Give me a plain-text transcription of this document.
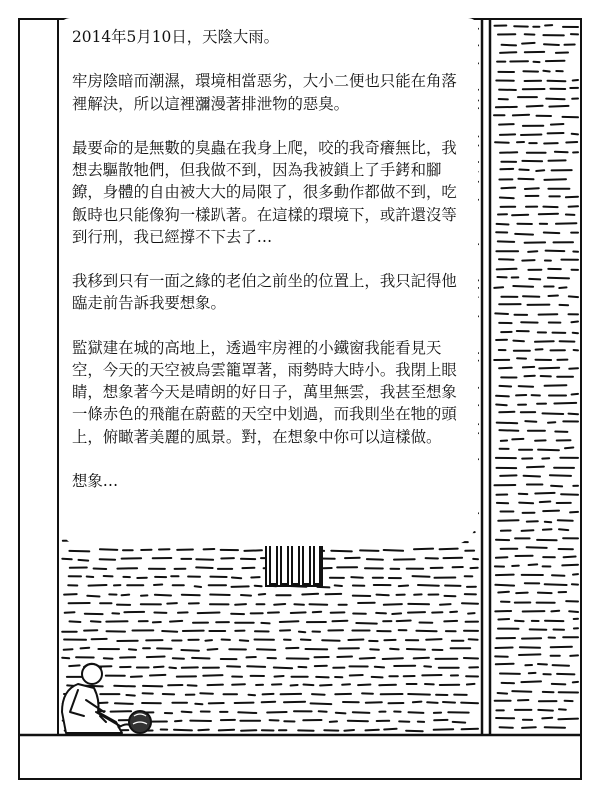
2014年5月10日，天陰大雨。

牢房陰暗而潮濕，環境相當惡劣，大小二便也只能在角落裡解決，所以這裡瀰漫著排泄物的惡臭。

最要命的是無數的臭蟲在我身上爬，咬的我奇癢無比，我想去驅散牠們，但我做不到，因為我被鎖上了手銬和腳鐐，身體的自由被大大的局限了，很多動作都做不到，吃飯時也只能像狗一樣趴著。在這樣的環境下，或許還沒等到行刑，我已經撐不下去了…

我移到只有一面之緣的老伯之前坐的位置上，我只記得他臨走前告訴我要想象。

監獄建在城的高地上，透過牢房裡的小鐵窗我能看見天空，今天的天空被烏雲籠罩著，雨勢時大時小。我閉上眼睛，想象著今天是晴朗的好日子，萬里無雲，我甚至想象一條赤色的飛龍在蔚藍的天空中划過，而我則坐在牠的頭上，俯瞰著美麗的風景。對，在想象中你可以這樣做。

想象…
